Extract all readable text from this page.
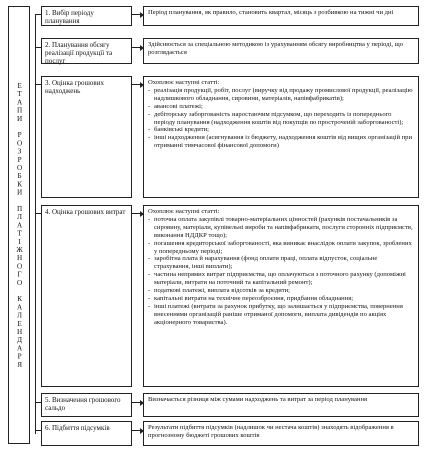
ЕТАПИ РОЗРОБКИ ПЛАТІЖНОГО КАЛЕНДАРЯ
1. Вибір періоду планування
Період планування, як правило, становить квартал, місяць з розбивкою на тижні чи дні
2. Планування обсягу реалізації продукції та послуг
Здійснюється за спеціальною методикою із урахуванням обсягу виробництва у періоді, що розглядається
3. Оцінка грошових надходжень
Охоплює наступні статті:
- реалізація продукції, робіт, послуг (виручку від продажу промислової продукції, реалізацію надлишкового обладнання, сировини, матеріалів, напівфабрикатів);
- авансові платежі;
- дебіторську заборгованість наростаючим підсумком, що переходить із попереднього періоду планування (надходження коштів від покупців по простроченій заборгованості);
- банківські кредити;
- інші надходження (асигнування із бюджету, надходження коштів від вищих організацій при отриманні тимчасової фінансової допомоги)
4. Оцінка грошових витрат	Охоплює наступні статті:
- поточна оплата закупівлі товарно-матеріальних цінностей (рахунків постачальників за сировину, матеріали, купівельні вироби та напівфабрикати, послуги сторонніх підприємств, виконання НДДКР тощо);
- погашення кредиторської заборгованості, яка виникає внаслідок оплати закупок, зроблених у попередньому періоді;
- заробітна плата й нарахування (фонд оплати праці, оплата відпусток, соціальне страхування, інші виплати);
- частина непрямих витрат підприємства, що оплачуються з поточного рахунку (допоміжні матеріали, витрати на поточний та капітальний ремонт);
- податкові платежі, виплата відсотків за кредити;
- капітальні витрати на технічне переозброєння, придбання обладнання;
- інші платежі (витрати за рахунок прибутку, що залишається у підприємства, повернення внесеннями організацій раніше отриманої допомоги, виплата дивідендів по акціях акціонерного товариства).
5. Визначення грошового сальдо
Визначається різниця між сумами надходжень та витрат за період планування
6. Підбиття підсумків	Результати підбиття підсумків (надлишок чи нестача коштів) знаходять відображення в прогнозному бюджеті грошових коштів
